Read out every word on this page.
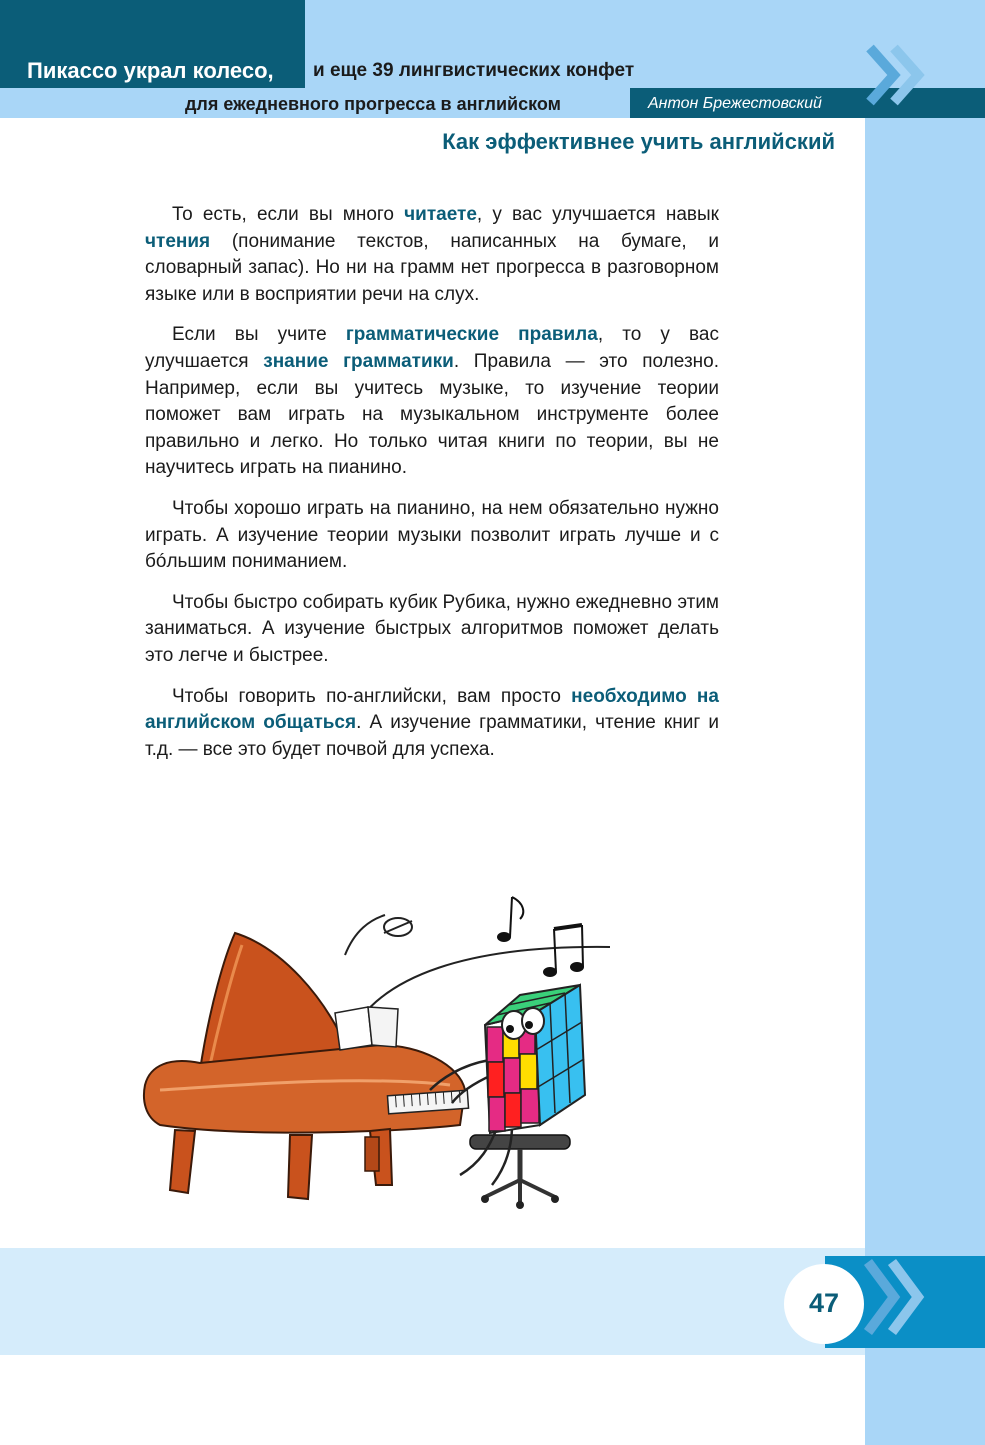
Пикассо украл колесо, и еще 39 лингвистических конфет
для ежедневного прогресса в английском	Антон Брежестовский
Как эффективнее учить английский

То есть, если вы много читаете, у вас улучшается навык чтения (понимание текстов, написанных на бумаге, и словарный запас). Но ни на грамм нет прогресса в разговорном языке или в восприятии речи на слух.

Если вы учите грамматические правила, то у вас улучшается знание грамматики. Правила — это полезно. Например, если вы учитесь музыке, то изучение теории поможет вам играть на музыкальном инструменте более правильно и легко. Но только читая книги по теории, вы не научитесь играть на пианино.

Чтобы хорошо играть на пианино, на нем обязательно нужно играть. А изучение теории музыки позволит играть лучше и с бóльшим пониманием.

Чтобы быстро собирать кубик Рубика, нужно ежедневно этим заниматься. А изучение быстрых алгоритмов поможет делать это легче и быстрее.

Чтобы говорить по-английски, вам просто необходимо на английском общаться. А изучение грамматики, чтение книг и т.д. — все это будет почвой для успеха.

47
